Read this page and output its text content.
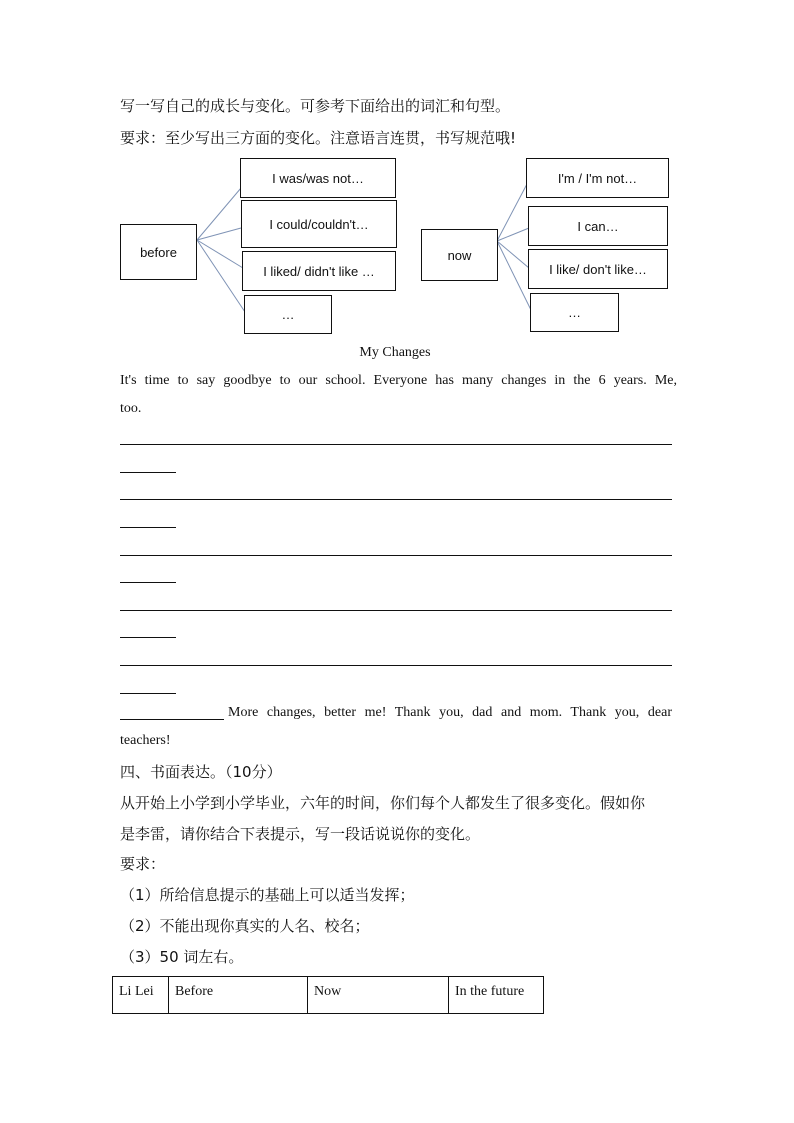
写一写自己的成长与变化。可参考下面给出的词汇和句型。
要求：至少写出三方面的变化。注意语言连贯，书写规范哦!
before
I was/was not…
I could/couldn't…
I liked/ didn't like …
…
now
I'm / I'm not…
I can…
I like/ don't like…
…
My Changes
It's time to say goodbye to our school. Everyone has many changes in the 6 years. Me,
too.
More changes, better me! Thank you, dad and mom. Thank you, dear
teachers!
四、书面表达。（10分）
从开始上小学到小学毕业，六年的时间，你们每个人都发生了很多变化。假如你
是李雷，请你结合下表提示，写一段话说说你的变化。
要求：
（1）所给信息提示的基础上可以适当发挥；
（2）不能出现你真实的人名、校名；
（3）50 词左右。
Li Lei	Before	Now	In the future
